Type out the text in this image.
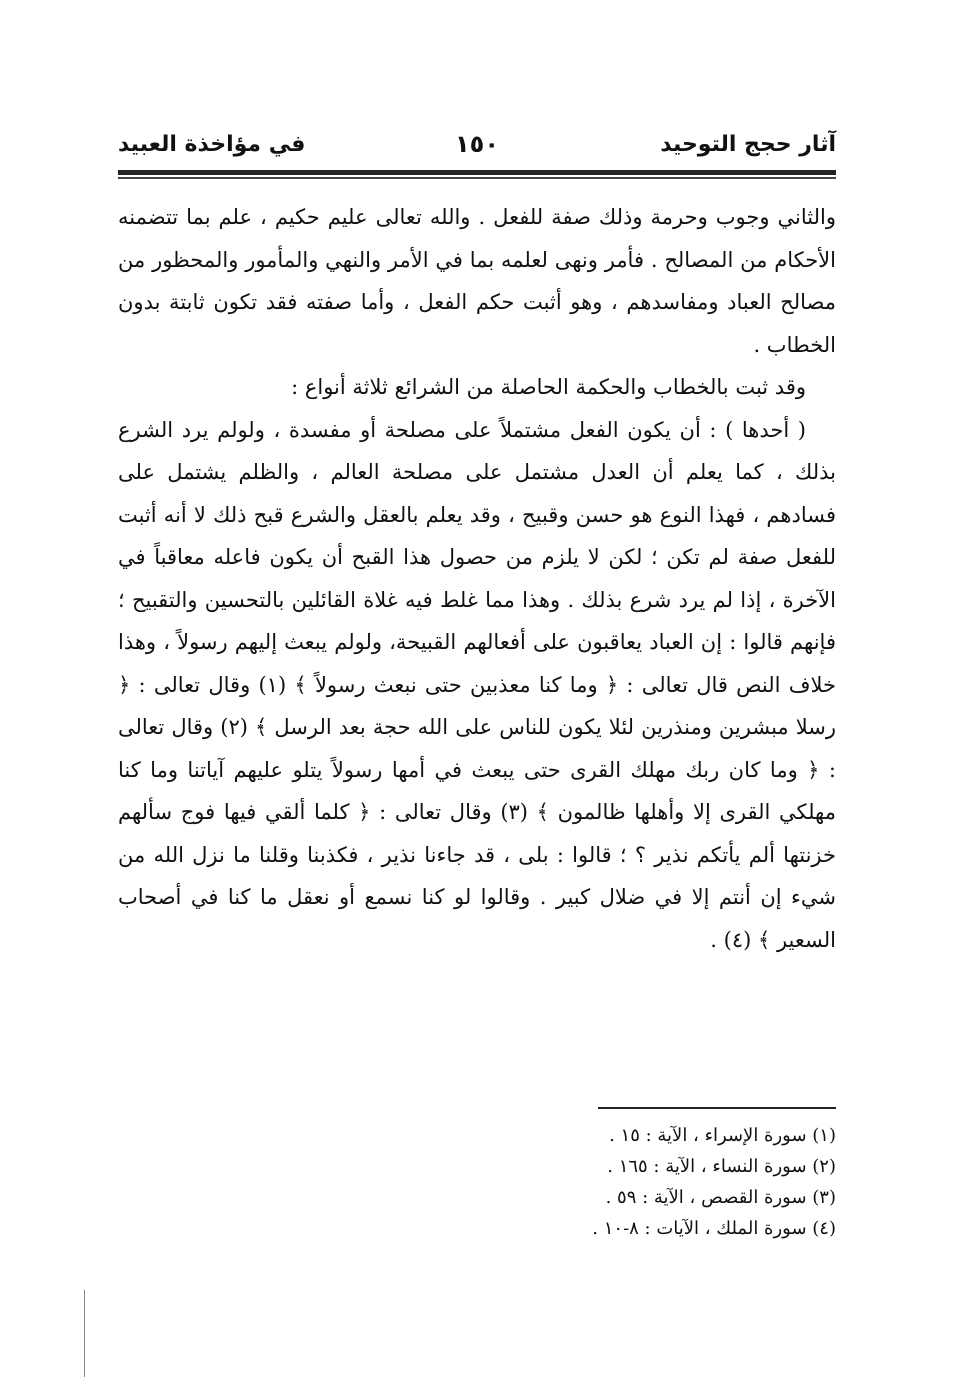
آثار حجج التوحيد
١٥٠
في مؤاخذة العبيد

والثاني وجوب وحرمة وذلك صفة للفعل . والله تعالى عليم حكيم ، علم بما تتضمنه الأحكام من المصالح . فأمر ونهى لعلمه بما في الأمر والنهي والمأمور والمحظور من مصالح العباد ومفاسدهم ، وهو أثبت حكم الفعل ، وأما صفته فقد تكون ثابتة بدون الخطاب .

وقد ثبت بالخطاب والحكمة الحاصلة من الشرائع ثلاثة أنواع :

( أحدها ) : أن يكون الفعل مشتملاً على مصلحة أو مفسدة ، ولولم يرد الشرع بذلك ، كما يعلم أن العدل مشتمل على مصلحة العالم ، والظلم يشتمل على فسادهم ، فهذا النوع هو حسن وقبيح ، وقد يعلم بالعقل والشرع قبح ذلك لا أنه أثبت للفعل صفة لم تكن ؛ لكن لا يلزم من حصول هذا القبح أن يكون فاعله معاقباً في الآخرة ، إذا لم يرد شرع بذلك . وهذا مما غلط فيه غلاة القائلين بالتحسين والتقبيح ؛ فإنهم قالوا : إن العباد يعاقبون على أفعالهم القبيحة، ولولم يبعث إليهم رسولاً ، وهذا خلاف النص قال تعالى : ﴿ وما كنا معذبين حتى نبعث رسولاً ﴾ (١) وقال تعالى : ﴿ رسلا مبشرين ومنذرين لئلا يكون للناس على الله حجة بعد الرسل ﴾ (٢) وقال تعالى : ﴿ وما كان ربك مهلك القرى حتى يبعث في أمها رسولاً يتلو عليهم آياتنا وما كنا مهلكي القرى إلا وأهلها ظالمون ﴾ (٣) وقال تعالى : ﴿ كلما ألقي فيها فوج سألهم خزنتها ألم يأتكم نذير ؟ ؛ قالوا : بلى ، قد جاءنا نذير ، فكذبنا وقلنا ما نزل الله من شيء إن أنتم إلا في ضلال كبير . وقالوا لو كنا نسمع أو نعقل ما كنا في أصحاب السعير ﴾ (٤) .

(١) سورة الإسراء ، الآية : ١٥ .
(٢) سورة النساء ، الآية : ١٦٥ .
(٣) سورة القصص ، الآية : ٥٩ .
(٤) سورة الملك ، الآيات : ٨-١٠ .
